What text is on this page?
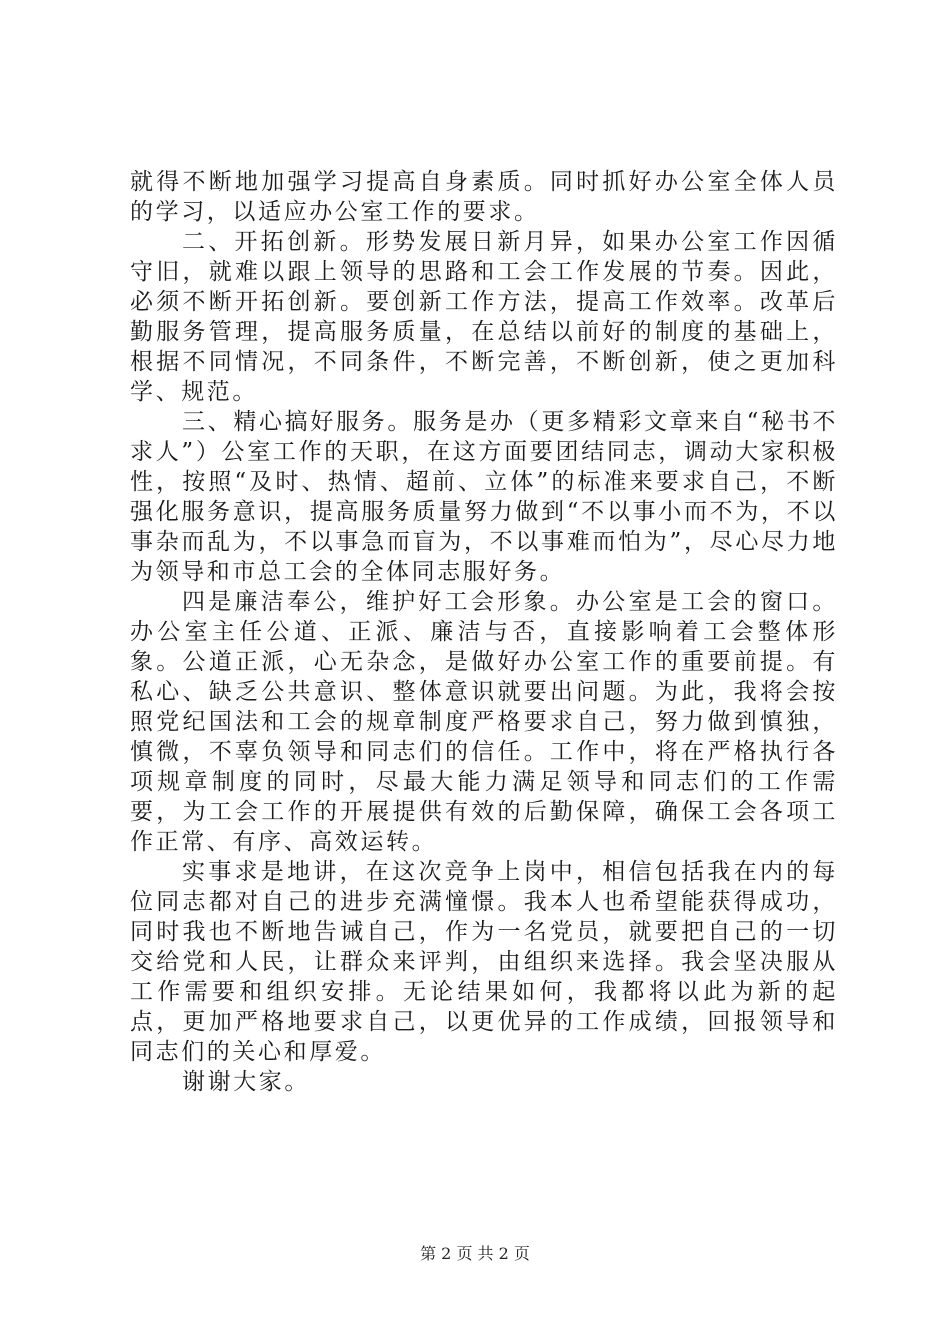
就得不断地加强学习提高自身素质。同时抓好办公室全体人员的学习，以适应办公室工作的要求。

二、开拓创新。形势发展日新月异，如果办公室工作因循守旧，就难以跟上领导的思路和工会工作发展的节奏。因此，必须不断开拓创新。要创新工作方法，提高工作效率。改革后勤服务管理，提高服务质量，在总结以前好的制度的基础上，根据不同情况，不同条件，不断完善，不断创新，使之更加科学、规范。

三、精心搞好服务。服务是办（更多精彩文章来自“秘书不求人”）公室工作的天职，在这方面要团结同志，调动大家积极性，按照“及时、热情、超前、立体”的标准来要求自己，不断强化服务意识，提高服务质量努力做到“不以事小而不为，不以事杂而乱为，不以事急而盲为，不以事难而怕为”，尽心尽力地为领导和市总工会的全体同志服好务。

四是廉洁奉公，维护好工会形象。办公室是工会的窗口。办公室主任公道、正派、廉洁与否，直接影响着工会整体形象。公道正派，心无杂念，是做好办公室工作的重要前提。有私心、缺乏公共意识、整体意识就要出问题。为此，我将会按照党纪国法和工会的规章制度严格要求自己，努力做到慎独，慎微，不辜负领导和同志们的信任。工作中，将在严格执行各项规章制度的同时，尽最大能力满足领导和同志们的工作需要，为工会工作的开展提供有效的后勤保障，确保工会各项工作正常、有序、高效运转。

实事求是地讲，在这次竞争上岗中，相信包括我在内的每位同志都对自己的进步充满憧憬。我本人也希望能获得成功，同时我也不断地告诫自己，作为一名党员，就要把自己的一切交给党和人民，让群众来评判，由组织来选择。我会坚决服从工作需要和组织安排。无论结果如何，我都将以此为新的起点，更加严格地要求自己，以更优异的工作成绩，回报领导和同志们的关心和厚爱。

谢谢大家。

第 2 页 共 2 页
